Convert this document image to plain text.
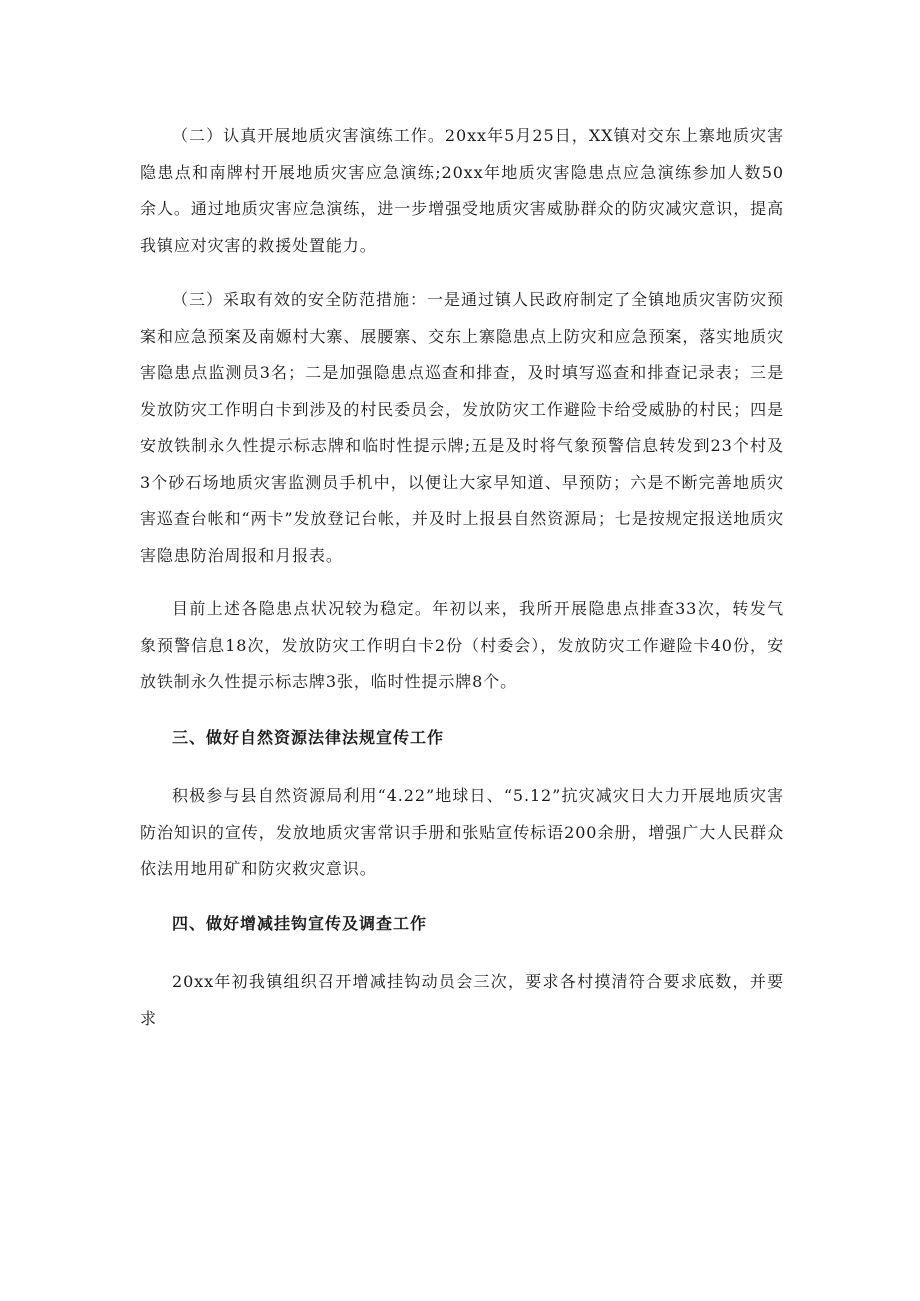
（二）认真开展地质灾害演练工作。20xx年5月25日，XX镇对交东上寨地质灾害隐患点和南牌村开展地质灾害应急演练;20xx年地质灾害隐患点应急演练参加人数50余人。通过地质灾害应急演练，进一步增强受地质灾害威胁群众的防灾减灾意识，提高我镇应对灾害的救援处置能力。

（三）采取有效的安全防范措施：一是通过镇人民政府制定了全镇地质灾害防灾预案和应急预案及南嫄村大寨、展腰寨、交东上寨隐患点上防灾和应急预案，落实地质灾害隐患点监测员3名；二是加强隐患点巡查和排查，及时填写巡查和排查记录表；三是发放防灾工作明白卡到涉及的村民委员会，发放防灾工作避险卡给受威胁的村民；四是安放铁制永久性提示标志牌和临时性提示牌;五是及时将气象预警信息转发到23个村及3个砂石场地质灾害监测员手机中，以便让大家早知道、早预防；六是不断完善地质灾害巡查台帐和“两卡”发放登记台帐，并及时上报县自然资源局；七是按规定报送地质灾害隐患防治周报和月报表。

目前上述各隐患点状况较为稳定。年初以来，我所开展隐患点排查33次，转发气象预警信息18次，发放防灾工作明白卡2份（村委会），发放防灾工作避险卡40份，安放铁制永久性提示标志牌3张，临时性提示牌8个。

三、做好自然资源法律法规宣传工作

积极参与县自然资源局利用“4.22”地球日、“5.12”抗灾减灾日大力开展地质灾害防治知识的宣传，发放地质灾害常识手册和张贴宣传标语200余册，增强广大人民群众依法用地用矿和防灾救灾意识。

四、做好增减挂钩宣传及调查工作

20xx年初我镇组织召开增减挂钩动员会三次，要求各村摸清符合要求底数，并要求
